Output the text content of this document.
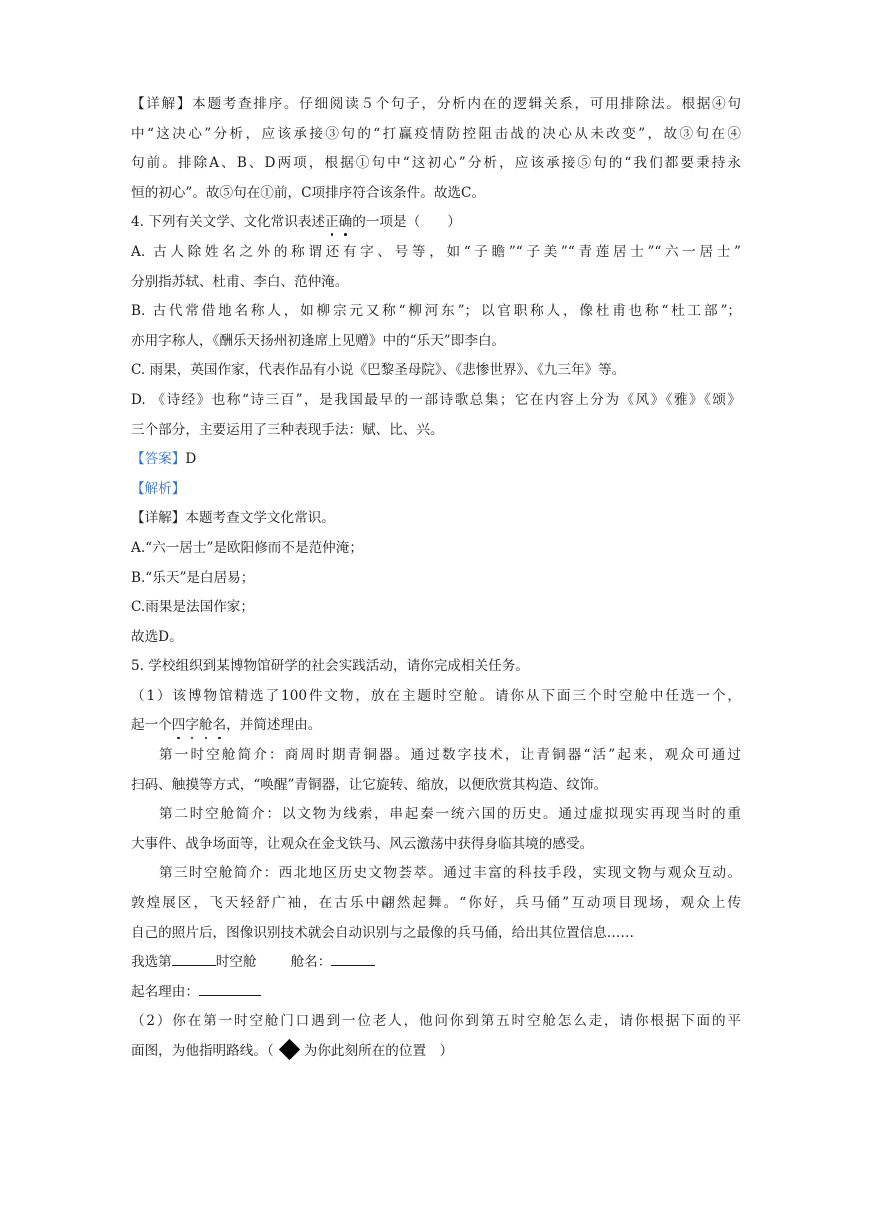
【详解】本题考查排序。仔细阅读５个句子，分析内在的逻辑关系，可用排除法。根据④句
中“这决心”分析，应该承接③句的“打赢疫情防控阻击战的决心从未改变”，故③句在④
句前。排除A、B、D两项，根据①句中“这初心”分析，应该承接⑤句的“我们都要秉持永
恒的初心”。故⑤句在①前，C项排序符合该条件。故选C。
4. 下列有关文学、文化常识表述正确的一项是（　　）
A. 古人除姓名之外的称谓还有字、号等，如“子瞻”“子美”“青莲居士”“六一居士”
分别指苏轼、杜甫、李白、范仲淹。
B. 古代常借地名称人，如柳宗元又称“柳河东”；以官职称人，像杜甫也称“杜工部”；
亦用字称人，《酬乐天扬州初逢席上见赠》中的“乐天”即李白。
C. 雨果，英国作家，代表作品有小说《巴黎圣母院》、《悲惨世界》、《九三年》等。
D. 《诗经》也称“诗三百”，是我国最早的一部诗歌总集；它在内容上分为《风》《雅》《颂》
三个部分，主要运用了三种表现手法：赋、比、兴。
【答案】D
【解析】
【详解】本题考查文学文化常识。
A.“六一居士”是欧阳修而不是范仲淹；
B.“乐天”是白居易；
C.雨果是法国作家；
故选D。
5. 学校组织到某博物馆研学的社会实践活动，请你完成相关任务。
（1）该博物馆精选了100件文物，放在主题时空舱。请你从下面三个时空舱中任选一个，
起一个四字舱名，并简述理由。
第一时空舱简介：商周时期青铜器。通过数字技术，让青铜器“活”起来，观众可通过
扫码、触摸等方式，“唤醒”青铜器，让它旋转、缩放，以便欣赏其构造、纹饰。
第二时空舱简介：以文物为线索，串起秦一统六国的历史。通过虚拟现实再现当时的重
大事件、战争场面等，让观众在金戈铁马、风云激荡中获得身临其境的感受。
第三时空舱简介：西北地区历史文物荟萃。通过丰富的科技手段，实现文物与观众互动。
敦煌展区，飞天轻舒广袖，在古乐中翩然起舞。“你好，兵马俑”互动项目现场，观众上传
自己的照片后，图像识别技术就会自动识别与之最像的兵马俑，给出其位置信息……
我选第	时空舱	舱名：
起名理由：
（2）你在第一时空舱门口遇到一位老人，他问你到第五时空舱怎么走，请你根据下面的平
面图，为他指明路线。（ 为你此刻所在的位置　）
